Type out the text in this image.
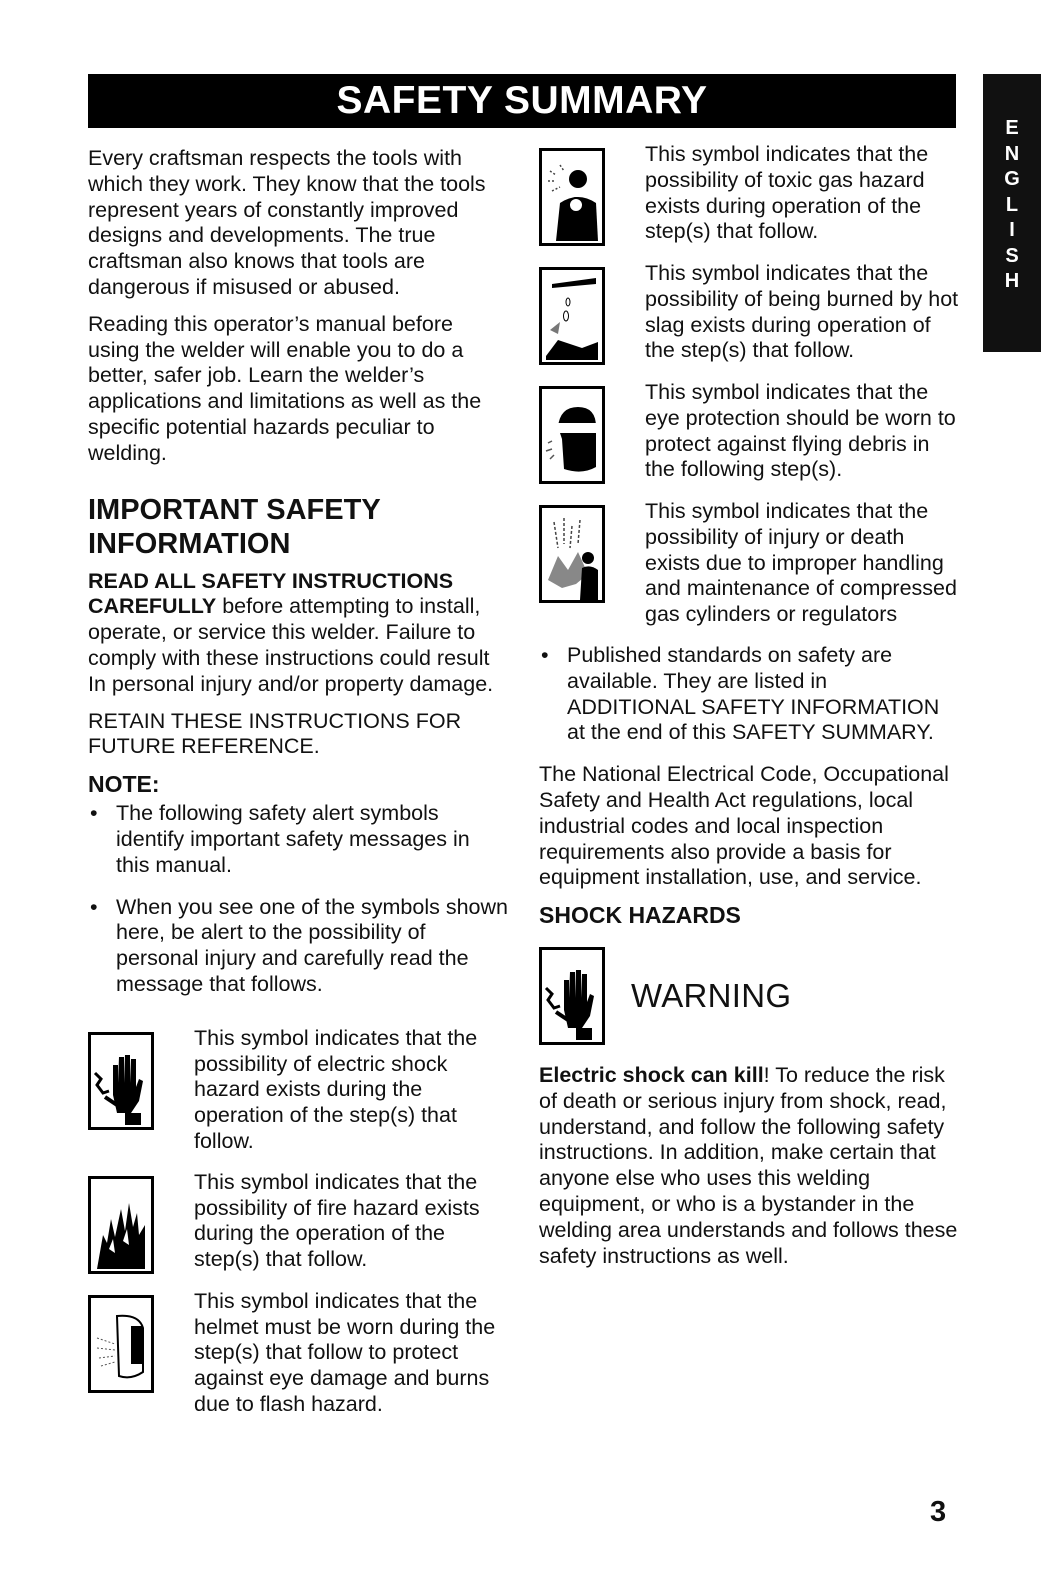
SAFETY SUMMARY
E
N
G
L
I
S
H

Every craftsman respects the tools with which they work. They know that the tools represent years of constantly improved designs and developments. The true craftsman also knows that tools are dangerous if misused or abused.

Reading this operator’s manual before using the welder will enable you to do a better, safer job. Learn the welder’s applications and limitations as well as the specific potential hazards peculiar to welding.

IMPORTANT SAFETY INFORMATION

READ ALL SAFETY INSTRUCTIONS CAREFULLY before attempting to install, operate, or service this welder. Failure to comply with these instructions could result In personal injury and/or property damage.

RETAIN THESE INSTRUCTIONS FOR FUTURE REFERENCE.

NOTE:
• The following safety alert symbols identify important safety messages in this manual.
• When you see one of the symbols shown here, be alert to the possibility of personal injury and carefully read the message that follows.
This symbol indicates that the possibility of electric shock hazard exists during the operation of the step(s) that follow.
This symbol indicates that the possibility of fire hazard exists during the operation of the step(s) that follow.
This symbol indicates that the helmet must be worn during the step(s) that follow to protect against eye damage and burns due to flash hazard.
This symbol indicates that the possibility of toxic gas hazard exists during operation of the step(s) that follow.
This symbol indicates that the possibility of being burned by hot slag exists during operation of the step(s) that follow.
This symbol indicates that the eye protection should be worn to protect against flying debris in the following step(s).
This symbol indicates that the possibility of injury or death exists due to improper handling and maintenance of compressed gas cylinders or regulators
• Published standards on safety are available. They are listed in ADDITIONAL SAFETY INFORMATION at the end of this SAFETY SUMMARY.

The National Electrical Code, Occupational Safety and Health Act regulations, local industrial codes and local inspection requirements also provide a basis for equipment installation, use, and service.

SHOCK HAZARDS
WARNING

Electric shock can kill! To reduce the risk of death or serious injury from shock, read, understand, and follow the following safety instructions. In addition, make certain that anyone else who uses this welding equipment, or who is a bystander in the welding area understands and follows these safety instructions as well.

3
